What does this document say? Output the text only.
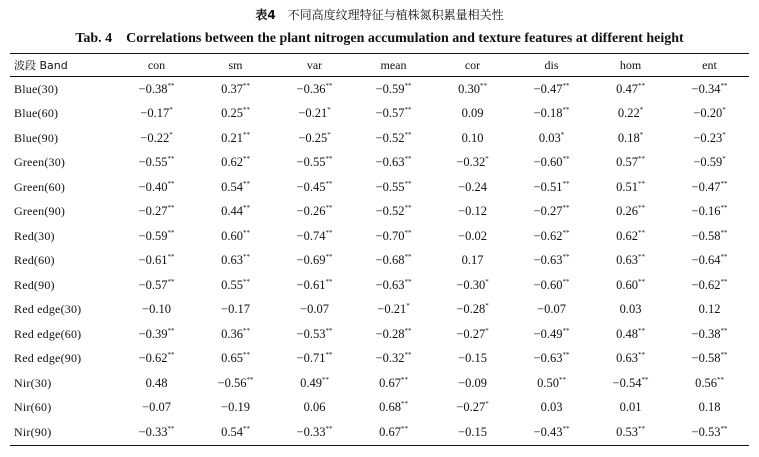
表4 不同高度纹理特征与植株氮积累量相关性
Tab. 4 Correlations between the plant nitrogen accumulation and texture features at different height
波段 Band	con	sm	var	mean	cor	dis	hom	ent
Blue(30)	−0.38**	0.37**	−0.36**	−0.59**	0.30**	−0.47**	0.47**	−0.34**
Blue(60)	−0.17*	0.25**	−0.21*	−0.57**	0.09	−0.18**	0.22*	−0.20*
Blue(90)	−0.22*	0.21**	−0.25*	−0.52**	0.10	0.03*	0.18*	−0.23*
Green(30)	−0.55**	0.62**	−0.55**	−0.63**	−0.32*	−0.60**	0.57**	−0.59*
Green(60)	−0.40**	0.54**	−0.45**	−0.55**	−0.24	−0.51**	0.51**	−0.47**
Green(90)	−0.27**	0.44**	−0.26**	−0.52**	−0.12	−0.27**	0.26**	−0.16**
Red(30)	−0.59**	0.60**	−0.74**	−0.70**	−0.02	−0.62**	0.62**	−0.58**
Red(60)	−0.61**	0.63**	−0.69**	−0.68**	0.17	−0.63**	0.63**	−0.64**
Red(90)	−0.57**	0.55**	−0.61**	−0.63**	−0.30*	−0.60**	0.60**	−0.62**
Red edge(30)	−0.10	−0.17	−0.07	−0.21*	−0.28*	−0.07	0.03	0.12
Red edge(60)	−0.39**	0.36**	−0.53**	−0.28**	−0.27*	−0.49**	0.48**	−0.38**
Red edge(90)	−0.62**	0.65**	−0.71**	−0.32**	−0.15	−0.63**	0.63**	−0.58**
Nir(30)	0.48	−0.56**	0.49**	0.67**	−0.09	0.50**	−0.54**	0.56**
Nir(60)	−0.07	−0.19	0.06	0.68**	−0.27*	0.03	0.01	0.18
Nir(90)	−0.33**	0.54**	−0.33**	0.67**	−0.15	−0.43**	0.53**	−0.53**
